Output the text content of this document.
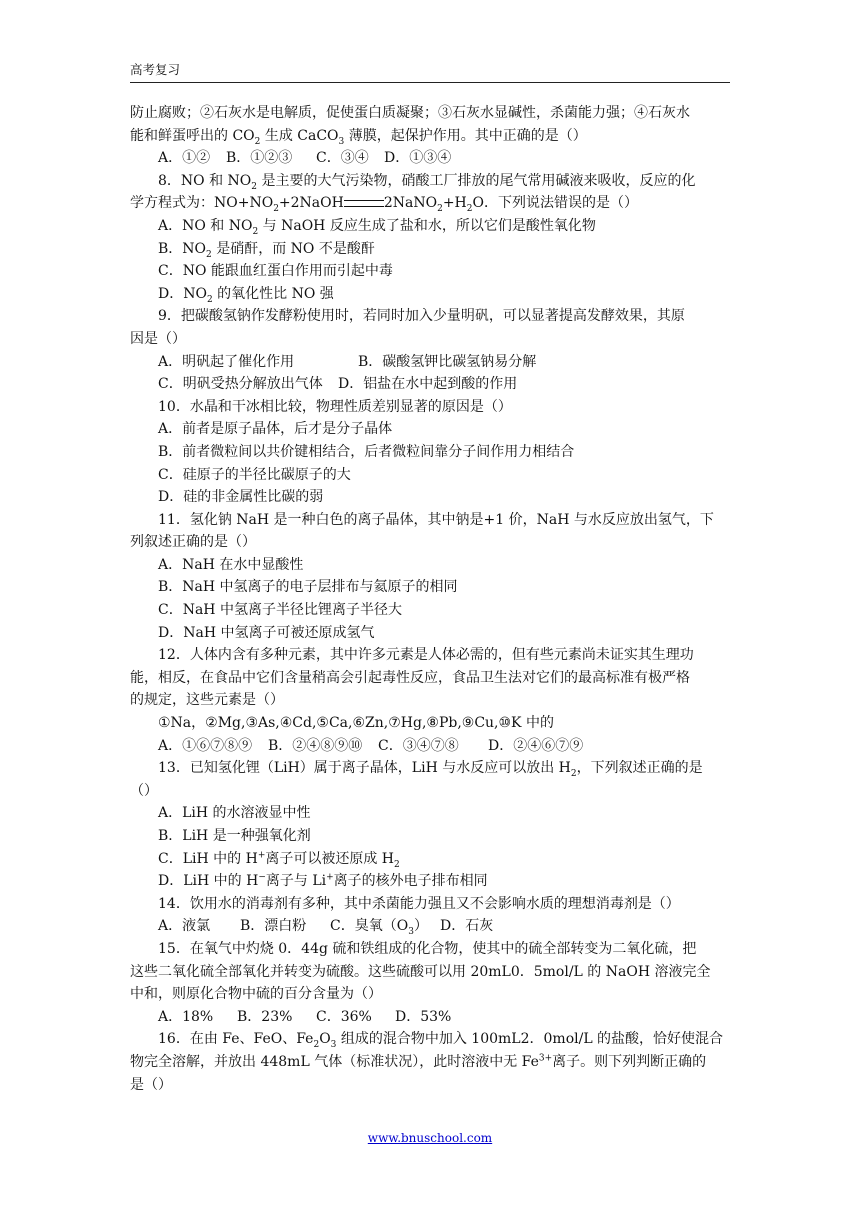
高考复习
防止腐败；②石灰水是电解质，促使蛋白质凝聚；③石灰水显碱性，杀菌能力强；④石灰水
能和鲜蛋呼出的 $CO_2$ 生成 CaCO$_3$ 薄膜，起保护作用。其中正确的是（）
A．①② B．①②③ C．③④ D．①③④
8．NO 和 $NO_2$ 是主要的大气污染物，硝酸工厂排放的尾气常用碱液来吸收，反应的化
学方程式为：$NO+NO_2+2NaOH$	$2NaNO_2+H_2O$．下列说法错误的是（）
A．NO 和 $NO_2$ 与 NaOH 反应生成了盐和水，所以它们是酸性氧化物
B．$NO_2$ 是硝酐，而 NO 不是酸酐
C．NO 能跟血红蛋白作用而引起中毒
D．$NO_2$ 的氧化性比 NO 强
9．把碳酸氢钠作发酵粉使用时，若同时加入少量明矾，可以显著提高发酵效果，其原
因是（）
A．明矾起了催化作用	B．碳酸氢钾比碳氢钠易分解
C．明矾受热分解放出气体 D．铝盐在水中起到酸的作用
10．水晶和干冰相比较，物理性质差别显著的原因是（）
A．前者是原子晶体，后才是分子晶体
B．前者微粒间以共价键相结合，后者微粒间靠分子间作用力相结合
C．硅原子的半径比碳原子的大
D．硅的非金属性比碳的弱
11．氢化钠 NaH 是一种白色的离子晶体，其中钠是+1 价，NaH 与水反应放出氢气，下
列叙述正确的是（）
A．NaH 在水中显酸性
B．NaH 中氢离子的电子层排布与氦原子的相同
C．NaH 中氢离子半径比锂离子半径大
D．NaH 中氢离子可被还原成氢气
12．人体内含有多种元素，其中许多元素是人体必需的，但有些元素尚未证实其生理功
能，相反，在食品中它们含量稍高会引起毒性反应，食品卫生法对它们的最高标准有极严格
的规定，这些元素是（）
①Na，②Mg,③As,④Cd,⑤Ca,⑥Zn,⑦Hg,⑧Pb,⑨Cu,⑩K 中的
A．①⑥⑦⑧⑨ B．②④⑧⑨⑩ C．③④⑦⑧ D．②④⑥⑦⑨
13．已知氢化锂（LiH）属于离子晶体，LiH 与水反应可以放出 $H_2$，下列叙述正确的是
（）
A．LiH 的水溶液显中性
B．LiH 是一种强氧化剂
C．LiH 中的 H+离子可以被还原成 $H_2$
D．LiH 中的 H−离子与 Li+离子的核外电子排布相同
14．饮用水的消毒剂有多种，其中杀菌能力强且又不会影响水质的理想消毒剂是（）
A．液氯 B．漂白粉 C．臭氧$(O_3)$ D．石灰
15．在氧气中灼烧 0．44g 硫和铁组成的化合物，使其中的硫全部转变为二氧化硫，把
这些二氧化硫全部氧化并转变为硫酸。这些硫酸可以用 20mL0．5mol/L 的 NaOH 溶液完全
中和，则原化合物中硫的百分含量为（）
A．18% B．23% C．36% D．53%
16．在由 Fe、FeO、$Fe_2O_3$ 组成的混合物中加入 100mL2．0mol/L 的盐酸，恰好使混合
物完全溶解，并放出 448mL 气体（标准状况），此时溶液中无 $Fe^{3+}$离子。则下列判断正确的
是（）
www.bnuschool.com
